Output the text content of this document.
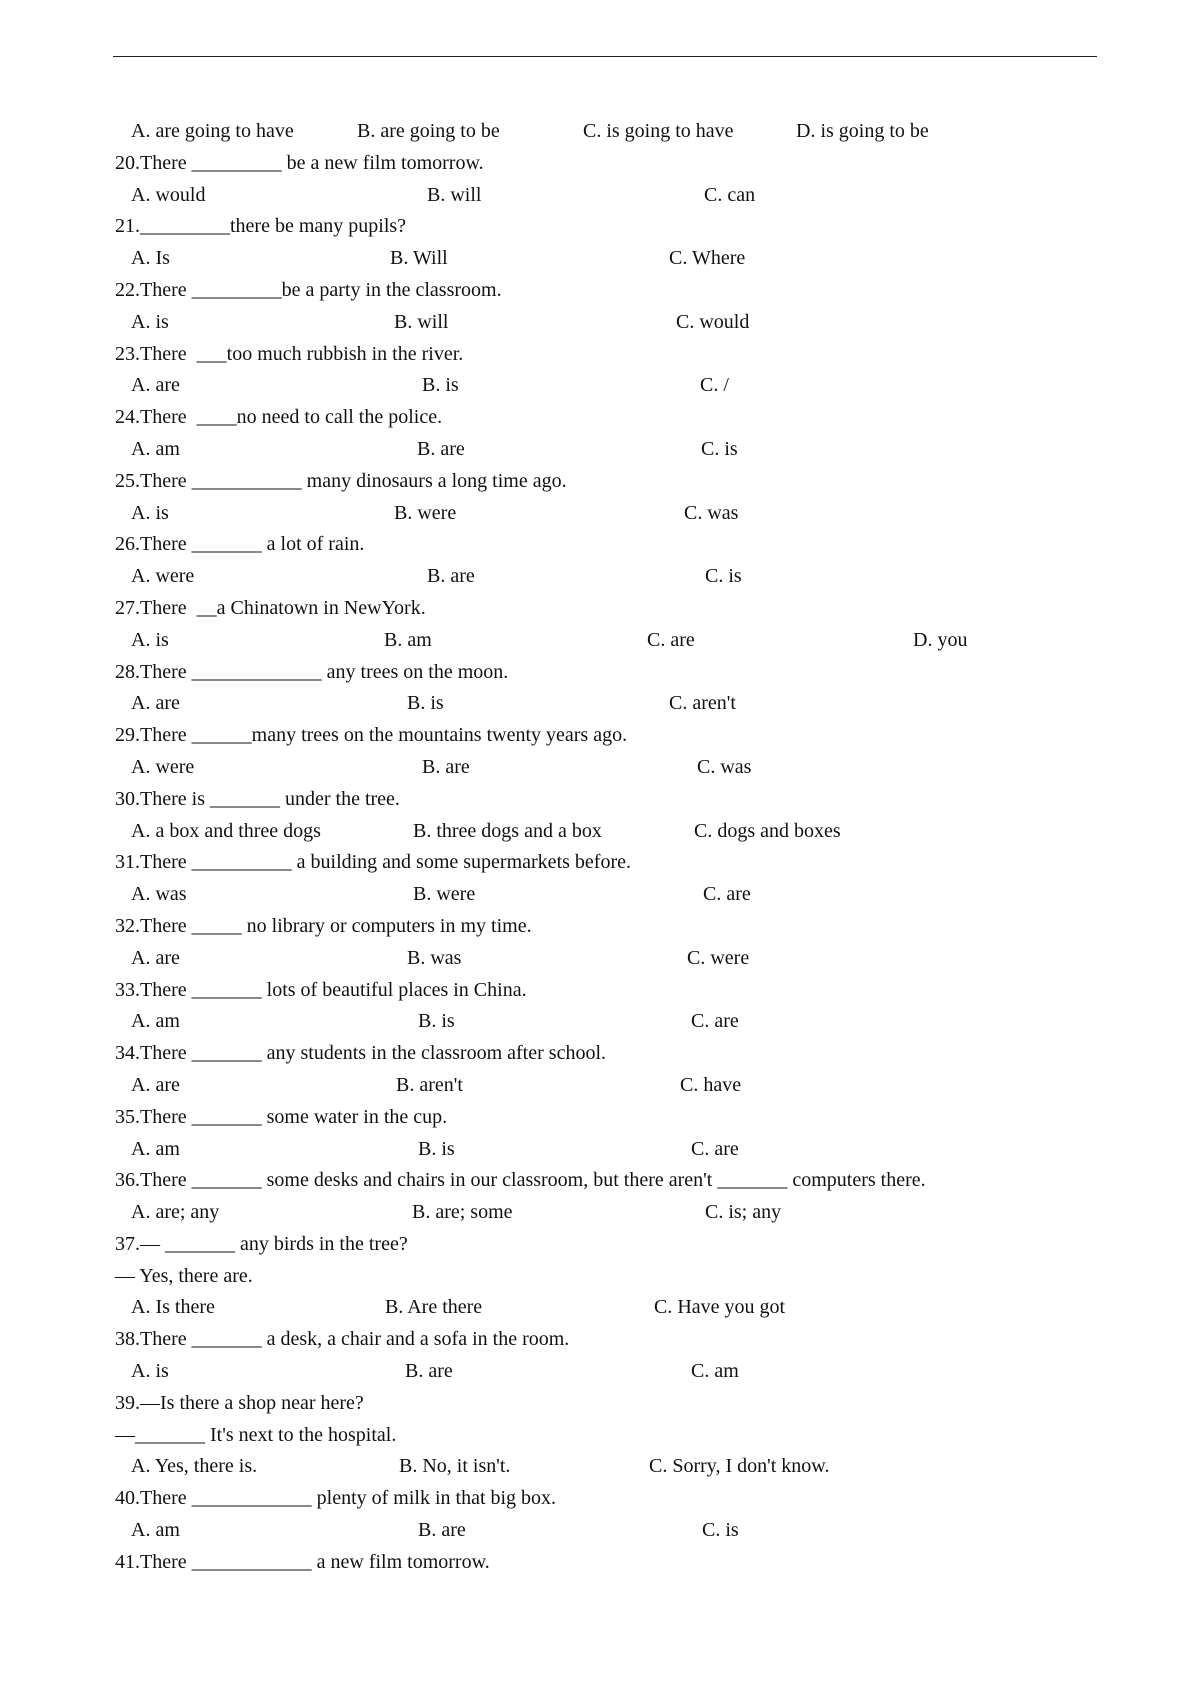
A. are going to have	B. are going to be	C. is going to have	D. is going to be
20.There _________ be a new film tomorrow.
A. would	B. will	C. can
21._________there be many pupils?
A. Is	B. Will	C. Where
22.There _________be a party in the classroom.
A. is	B. will	C. would
23.There  ___too much rubbish in the river.
A. are	B. is	C. /
24.There  ____no need to call the police.
A. am	B. are	C. is
25.There ___________ many dinosaurs a long time ago.
A. is	B. were	C. was
26.There _______ a lot of rain.
A. were	B. are	C. is
27.There  __a Chinatown in NewYork.
A. is	B. am	C. are	D. you
28.There _____________ any trees on the moon.
A. are	B. is	C. aren't
29.There ______many trees on the mountains twenty years ago.
A. were	B. are	C. was
30.There is _______ under the tree.
A. a box and three dogs	B. three dogs and a box	C. dogs and boxes
31.There __________ a building and some supermarkets before.
A. was	B. were	C. are
32.There _____ no library or computers in my time.
A. are	B. was	C. were
33.There _______ lots of beautiful places in China.
A. am	B. is	C. are
34.There _______ any students in the classroom after school.
A. are	B. aren't	C. have
35.There _______ some water in the cup.
A. am	B. is	C. are
36.There _______ some desks and chairs in our classroom, but there aren't _______ computers there.
A. are; any	B. are; some	C. is; any
37.— _______ any birds in the tree?
— Yes, there are.
A. Is there	B. Are there	C. Have you got
38.There _______ a desk, a chair and a sofa in the room.
A. is	B. are	C. am
39.—Is there a shop near here?
—_______ It's next to the hospital.
A. Yes, there is.	B. No, it isn't.	C. Sorry, I don't know.
40.There ____________ plenty of milk in that big box.
A. am	B. are	C. is
41.There ____________ a new film tomorrow.
